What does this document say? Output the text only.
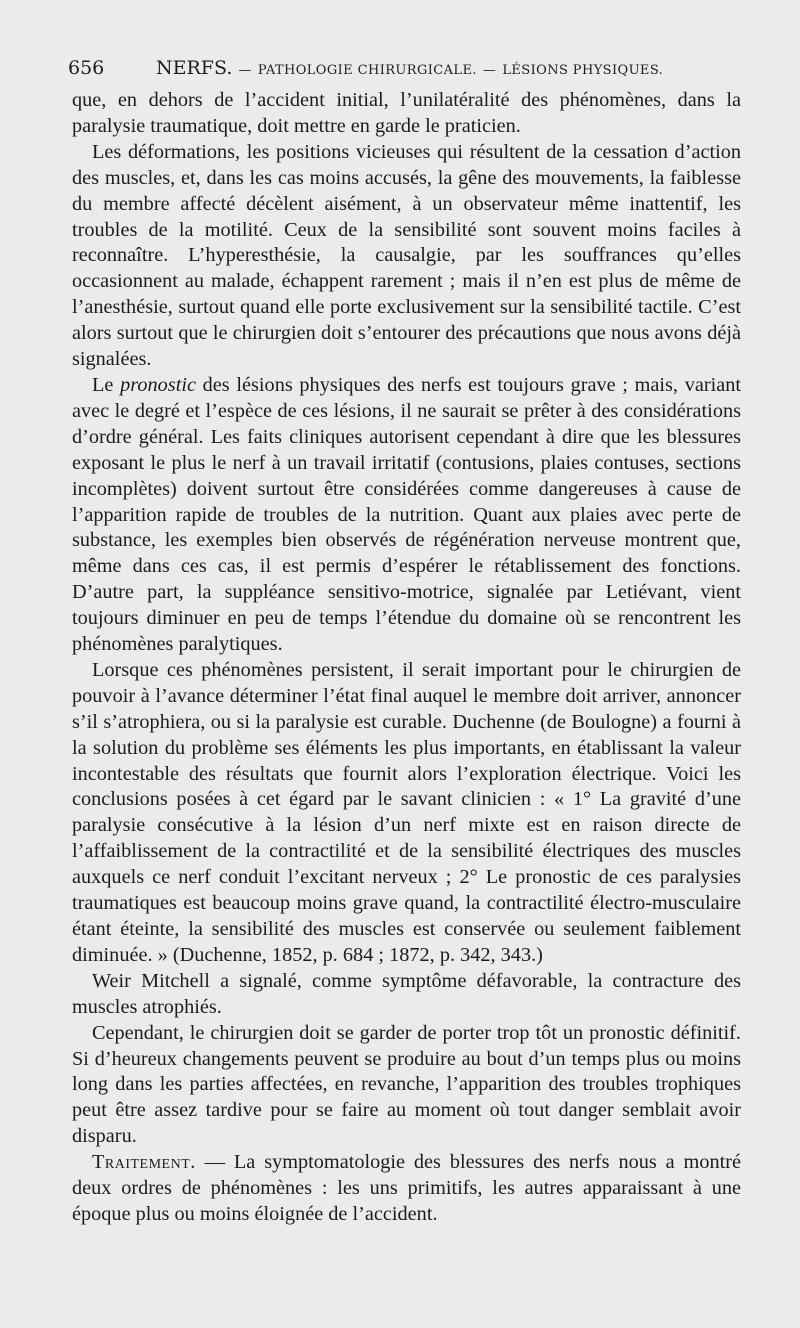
656	NERFS. — PATHOLOGIE CHIRURGICALE. — LÉSIONS PHYSIQUES.

que, en dehors de l’accident initial, l’unilatéralité des phénomènes, dans la paralysie traumatique, doit mettre en garde le praticien.

Les déformations, les positions vicieuses qui résultent de la cessation d’action des muscles, et, dans les cas moins accusés, la gêne des mouvements, la faiblesse du membre affecté décèlent aisément, à un observateur même inattentif, les troubles de la motilité. Ceux de la sensibilité sont souvent moins faciles à reconnaître. L’hyperesthésie, la causalgie, par les souffrances qu’elles occasionnent au malade, échappent rarement ; mais il n’en est plus de même de l’anesthésie, surtout quand elle porte exclusivement sur la sensibilité tactile. C’est alors surtout que le chirurgien doit s’entourer des précautions que nous avons déjà signalées.

Le pronostic des lésions physiques des nerfs est toujours grave ; mais, variant avec le degré et l’espèce de ces lésions, il ne saurait se prêter à des considérations d’ordre général. Les faits cliniques autorisent cependant à dire que les blessures exposant le plus le nerf à un travail irritatif (contusions, plaies contuses, sections incomplètes) doivent surtout être considérées comme dangereuses à cause de l’apparition rapide de troubles de la nutrition. Quant aux plaies avec perte de substance, les exemples bien observés de régénération nerveuse montrent que, même dans ces cas, il est permis d’espérer le rétablissement des fonctions. D’autre part, la suppléance sensitivo-motrice, signalée par Letiévant, vient toujours diminuer en peu de temps l’étendue du domaine où se rencontrent les phénomènes paralytiques.

Lorsque ces phénomènes persistent, il serait important pour le chirurgien de pouvoir à l’avance déterminer l’état final auquel le membre doit arriver, annoncer s’il s’atrophiera, ou si la paralysie est curable. Duchenne (de Boulogne) a fourni à la solution du problème ses éléments les plus importants, en établissant la valeur incontestable des résultats que fournit alors l’exploration électrique. Voici les conclusions posées à cet égard par le savant clinicien : « 1° La gravité d’une paralysie consécutive à la lésion d’un nerf mixte est en raison directe de l’affaiblissement de la contractilité et de la sensibilité électriques des muscles auxquels ce nerf conduit l’excitant nerveux ; 2° Le pronostic de ces paralysies traumatiques est beaucoup moins grave quand, la contractilité électro-musculaire étant éteinte, la sensibilité des muscles est conservée ou seulement faiblement diminuée. » (Duchenne, 1852, p. 684 ; 1872, p. 342, 343.)

Weir Mitchell a signalé, comme symptôme défavorable, la contracture des muscles atrophiés.

Cependant, le chirurgien doit se garder de porter trop tôt un pronostic définitif. Si d’heureux changements peuvent se produire au bout d’un temps plus ou moins long dans les parties affectées, en revanche, l’apparition des troubles trophiques peut être assez tardive pour se faire au moment où tout danger semblait avoir disparu.

Traitement. — La symptomatologie des blessures des nerfs nous a montré deux ordres de phénomènes : les uns primitifs, les autres apparaissant à une époque plus ou moins éloignée de l’accident.
